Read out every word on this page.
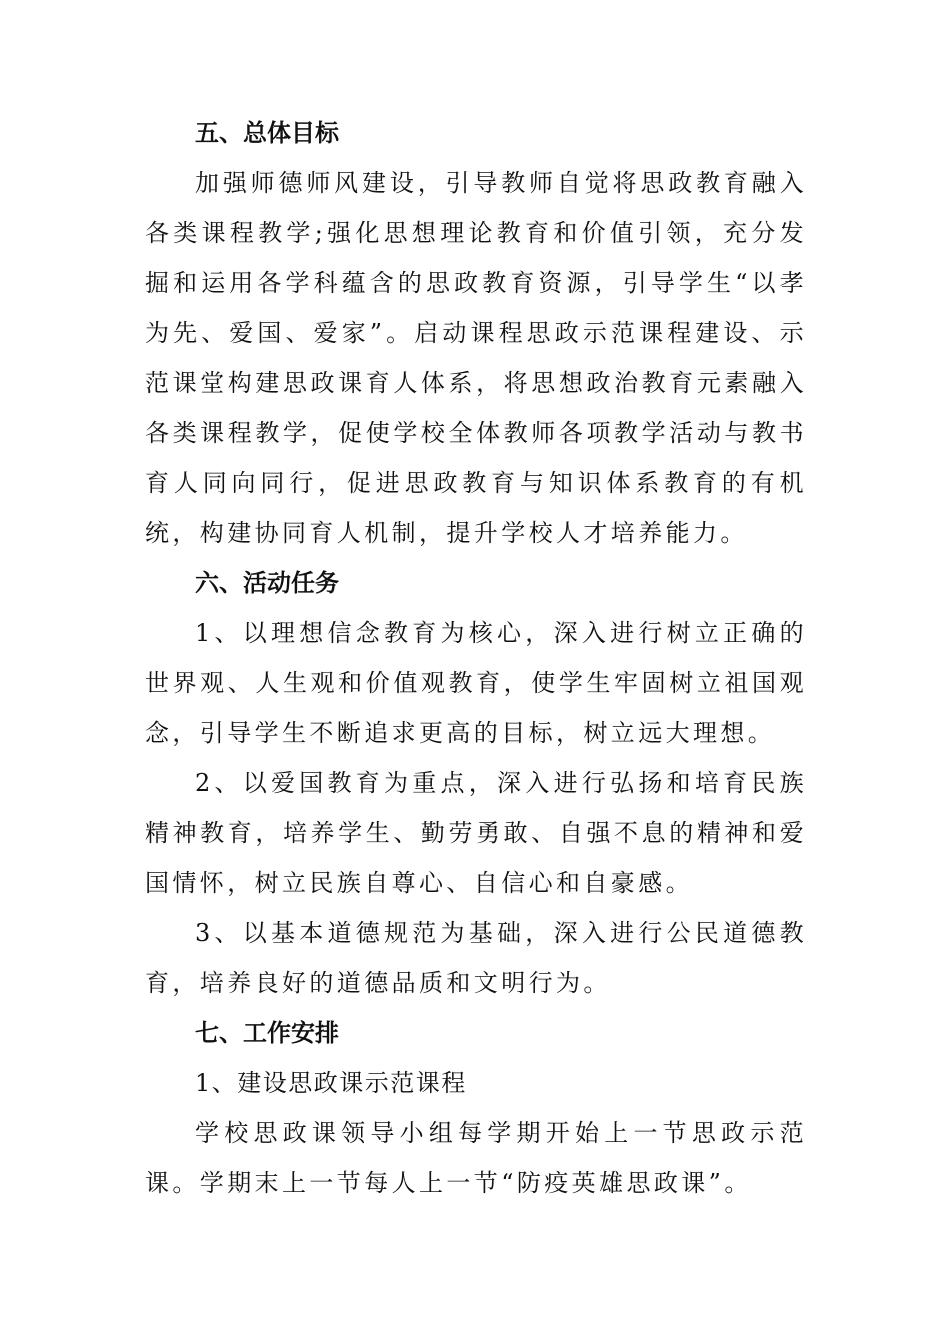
五、总体目标

加强师德师风建设，引导教师自觉将思政教育融入各类课程教学;强化思想理论教育和价值引领，充分发掘和运用各学科蕴含的思政教育资源，引导学生“以孝为先、爱国、爱家”。启动课程思政示范课程建设、示范课堂构建思政课育人体系，将思想政治教育元素融入各类课程教学，促使学校全体教师各项教学活动与教书育人同向同行，促进思政教育与知识体系教育的有机统，构建协同育人机制，提升学校人才培养能力。

六、活动任务

1、以理想信念教育为核心，深入进行树立正确的世界观、人生观和价值观教育，使学生牢固树立祖国观念，引导学生不断追求更高的目标，树立远大理想。

2、以爱国教育为重点，深入进行弘扬和培育民族精神教育，培养学生、勤劳勇敢、自强不息的精神和爱国情怀，树立民族自尊心、自信心和自豪感。

3、以基本道德规范为基础，深入进行公民道德教育，培养良好的道德品质和文明行为。

七、工作安排
1、建设思政课示范课程

学校思政课领导小组每学期开始上一节思政示范课。学期末上一节每人上一节“防疫英雄思政课”。
